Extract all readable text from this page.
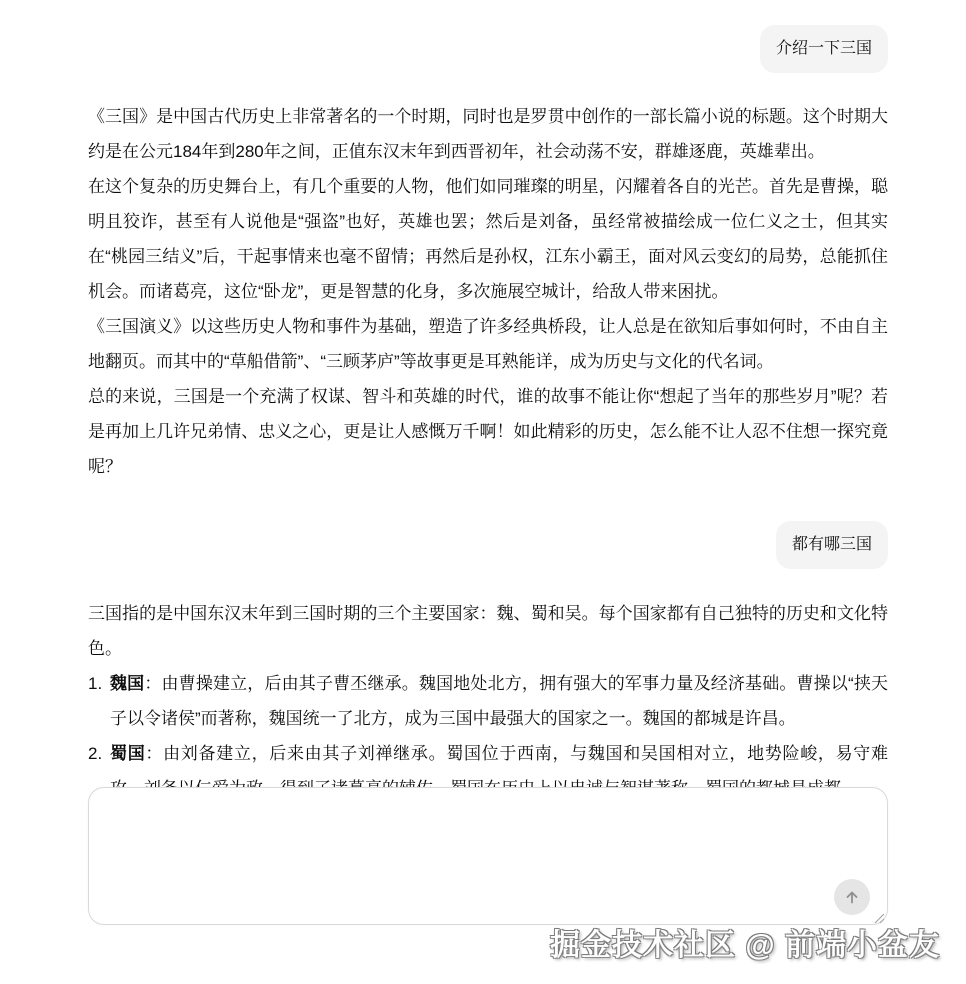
介绍一下三国

《三国》是中国古代历史上非常著名的一个时期，同时也是罗贯中创作的一部长篇小说的标题。这个时期大约是在公元184年到280年之间，正值东汉末年到西晋初年，社会动荡不安，群雄逐鹿，英雄辈出。

在这个复杂的历史舞台上，有几个重要的人物，他们如同璀璨的明星，闪耀着各自的光芒。首先是曹操，聪明且狡诈，甚至有人说他是“强盗”也好，英雄也罢；然后是刘备，虽经常被描绘成一位仁义之士，但其实在“桃园三结义”后，干起事情来也毫不留情；再然后是孙权，江东小霸王，面对风云变幻的局势，总能抓住机会。而诸葛亮，这位“卧龙”，更是智慧的化身，多次施展空城计，给敌人带来困扰。

《三国演义》以这些历史人物和事件为基础，塑造了许多经典桥段，让人总是在欲知后事如何时，不由自主地翻页。而其中的“草船借箭”、“三顾茅庐”等故事更是耳熟能详，成为历史与文化的代名词。

总的来说，三国是一个充满了权谋、智斗和英雄的时代，谁的故事不能让你“想起了当年的那些岁月”呢？若是再加上几许兄弟情、忠义之心，更是让人感慨万千啊！如此精彩的历史，怎么能不让人忍不住想一探究竟呢？

都有哪三国

三国指的是中国东汉末年到三国时期的三个主要国家：魏、蜀和吴。每个国家都有自己独特的历史和文化特色。

1. 魏国：由曹操建立，后由其子曹丕继承。魏国地处北方，拥有强大的军事力量及经济基础。曹操以“挟天子以令诸侯”而著称，魏国统一了北方，成为三国中最强大的国家之一。魏国的都城是许昌。
2. 蜀国：由刘备建立，后来由其子刘禅继承。蜀国位于西南，与魏国和吴国相对立，地势险峻，易守难
掘金技术社区 @ 前端小盆友
